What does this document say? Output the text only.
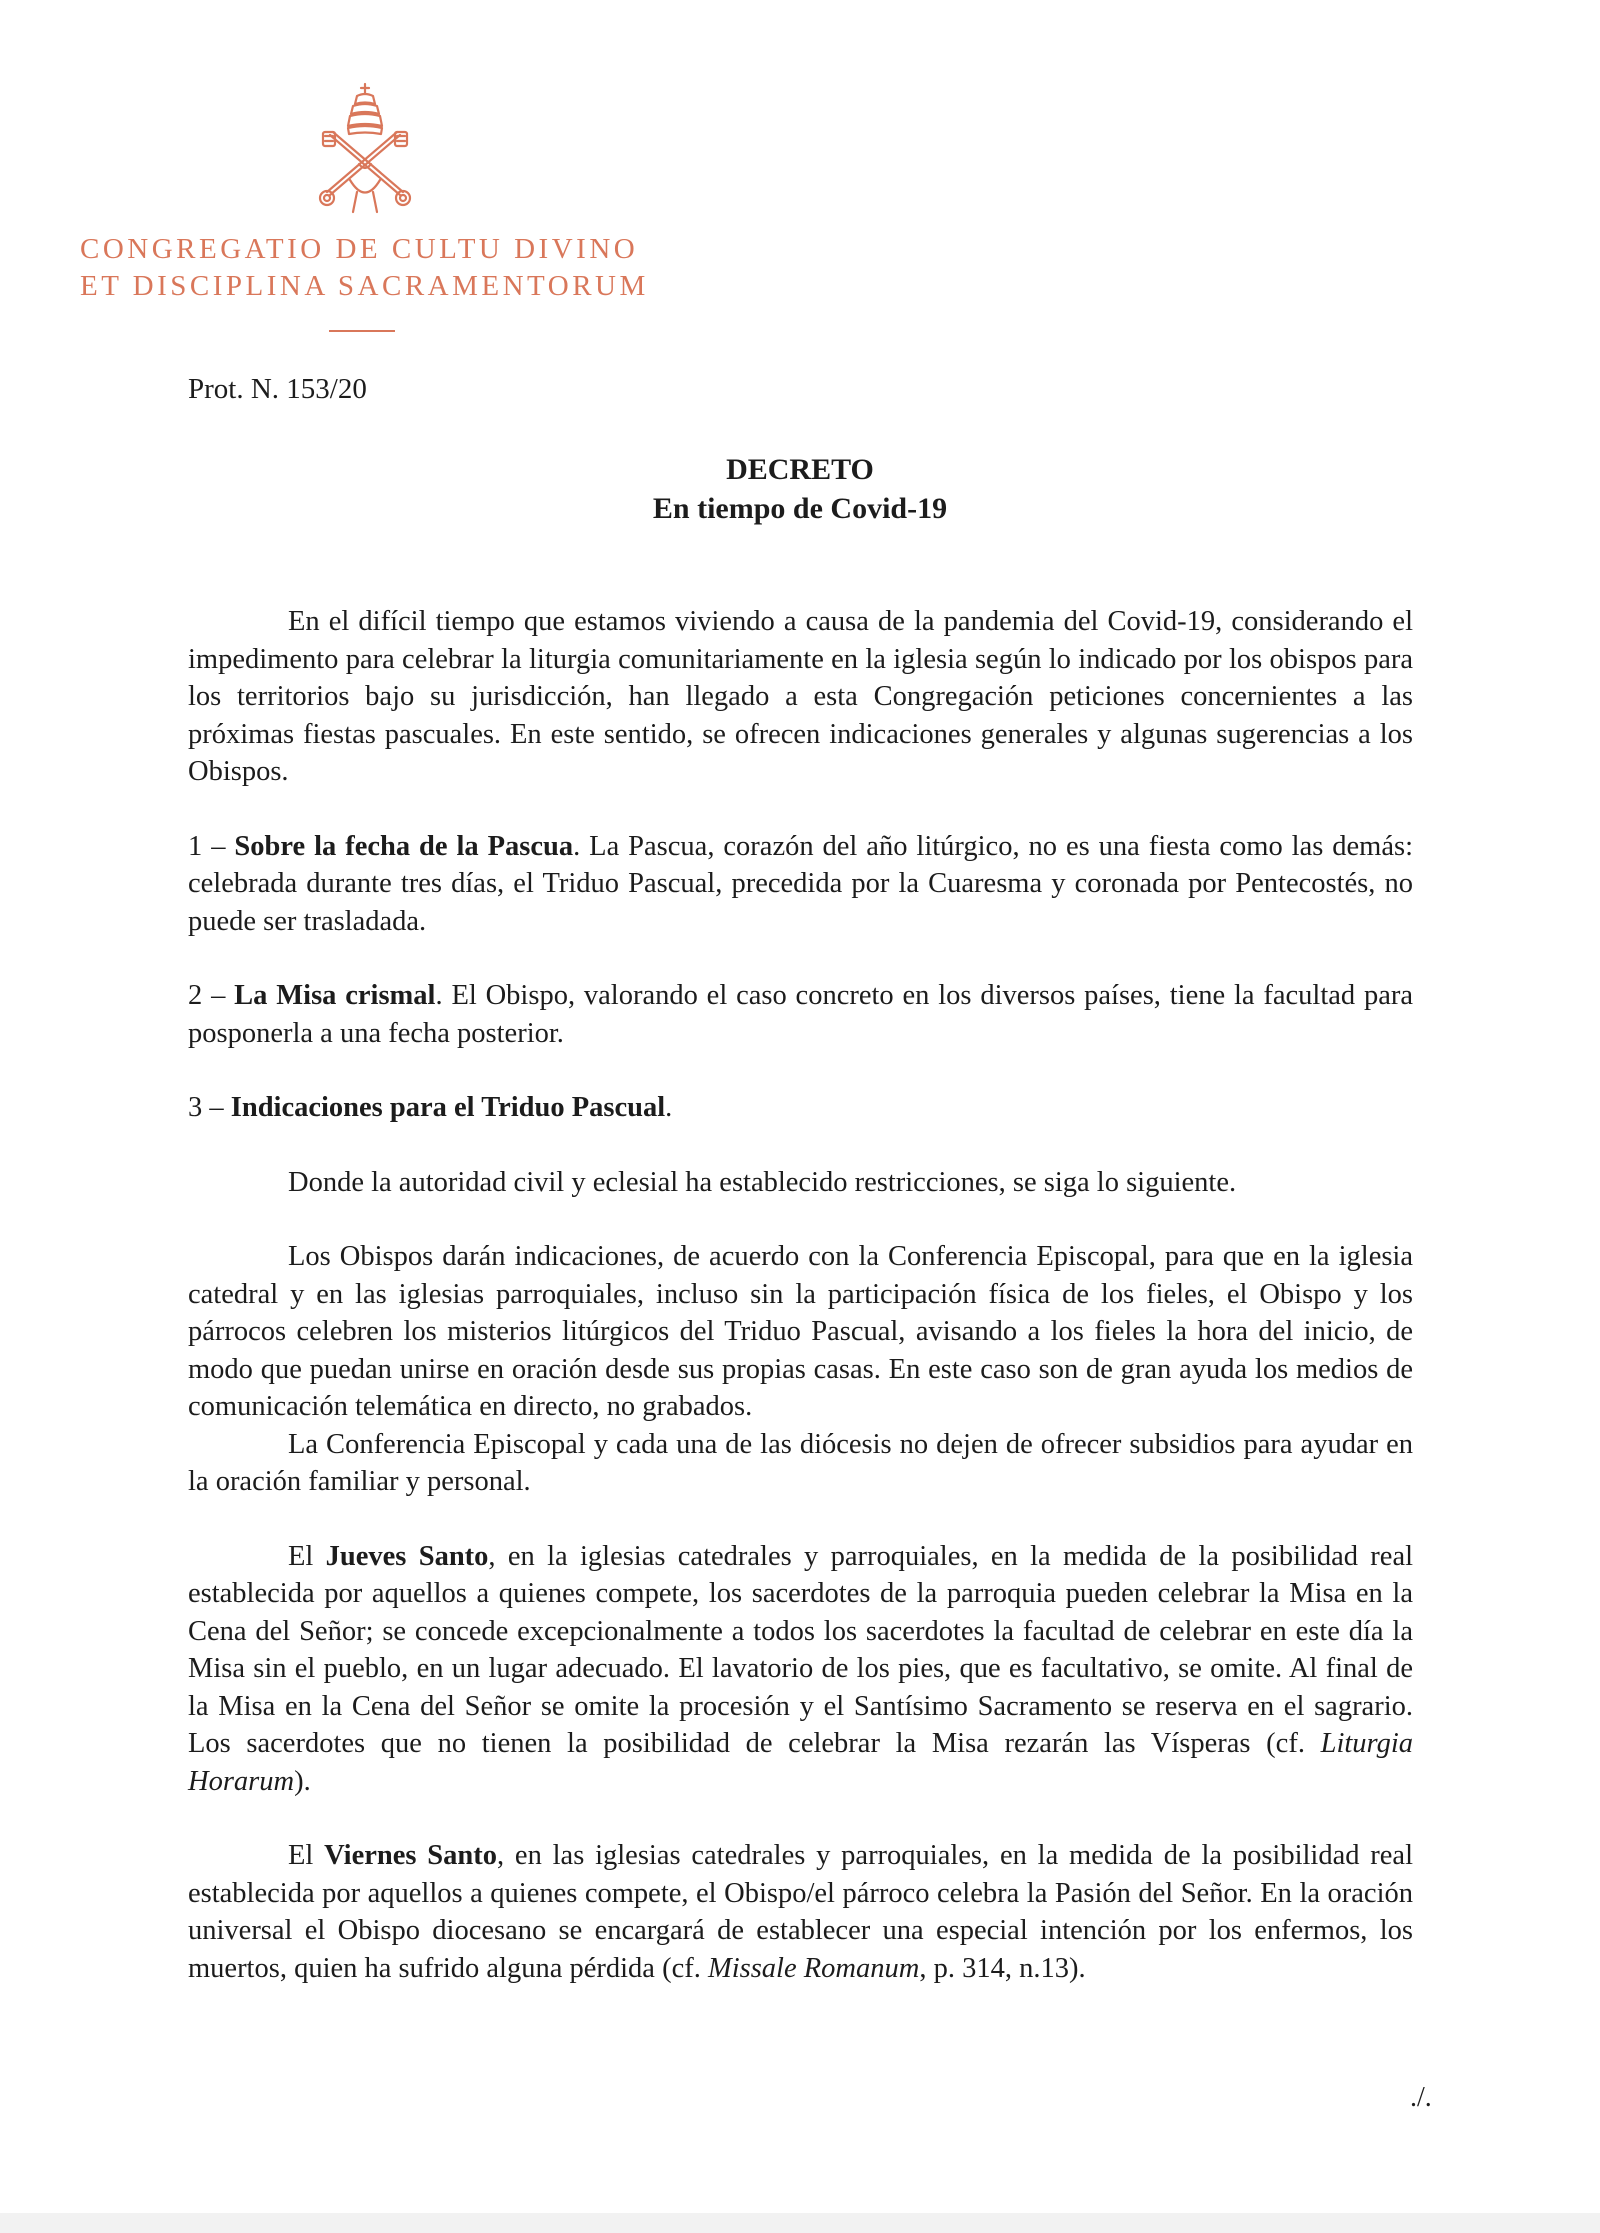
CONGREGATIO DE CULTU DIVINO
ET DISCIPLINA SACRAMENTORUM
Prot. N. 153/20
DECRETO
En tiempo de Covid-19

En el difícil tiempo que estamos viviendo a causa de la pandemia del Covid-19, considerando el impedimento para celebrar la liturgia comunitariamente en la iglesia según lo indicado por los obispos para los territorios bajo su jurisdicción, han llegado a esta Congregación peticiones concernientes a las próximas fiestas pascuales. En este sentido, se ofrecen indicaciones generales y algunas sugerencias a los Obispos.

1 – Sobre la fecha de la Pascua. La Pascua, corazón del año litúrgico, no es una fiesta como las demás: celebrada durante tres días, el Triduo Pascual, precedida por la Cuaresma y coronada por Pentecostés, no puede ser trasladada.

2 – La Misa crismal. El Obispo, valorando el caso concreto en los diversos países, tiene la facultad para posponerla a una fecha posterior.

3 – Indicaciones para el Triduo Pascual.

Donde la autoridad civil y eclesial ha establecido restricciones, se siga lo siguiente.

Los Obispos darán indicaciones, de acuerdo con la Conferencia Episcopal, para que en la iglesia catedral y en las iglesias parroquiales, incluso sin la participación física de los fieles, el Obispo y los párrocos celebren los misterios litúrgicos del Triduo Pascual, avisando a los fieles la hora del inicio, de modo que puedan unirse en oración desde sus propias casas. En este caso son de gran ayuda los medios de comunicación telemática en directo, no grabados.

La Conferencia Episcopal y cada una de las diócesis no dejen de ofrecer subsidios para ayudar en la oración familiar y personal.

El Jueves Santo, en la iglesias catedrales y parroquiales, en la medida de la posibilidad real establecida por aquellos a quienes compete, los sacerdotes de la parroquia pueden celebrar la Misa en la Cena del Señor; se concede excepcionalmente a todos los sacerdotes la facultad de celebrar en este día la Misa sin el pueblo, en un lugar adecuado. El lavatorio de los pies, que es facultativo, se omite. Al final de la Misa en la Cena del Señor se omite la procesión y el Santísimo Sacramento se reserva en el sagrario. Los sacerdotes que no tienen la posibilidad de celebrar la Misa rezarán las Vísperas (cf. Liturgia Horarum).

El Viernes Santo, en las iglesias catedrales y parroquiales, en la medida de la posibilidad real establecida por aquellos a quienes compete, el Obispo/el párroco celebra la Pasión del Señor. En la oración universal el Obispo diocesano se encargará de establecer una especial intención por los enfermos, los muertos, quien ha sufrido alguna pérdida (cf. Missale Romanum, p. 314, n.13).

./.
